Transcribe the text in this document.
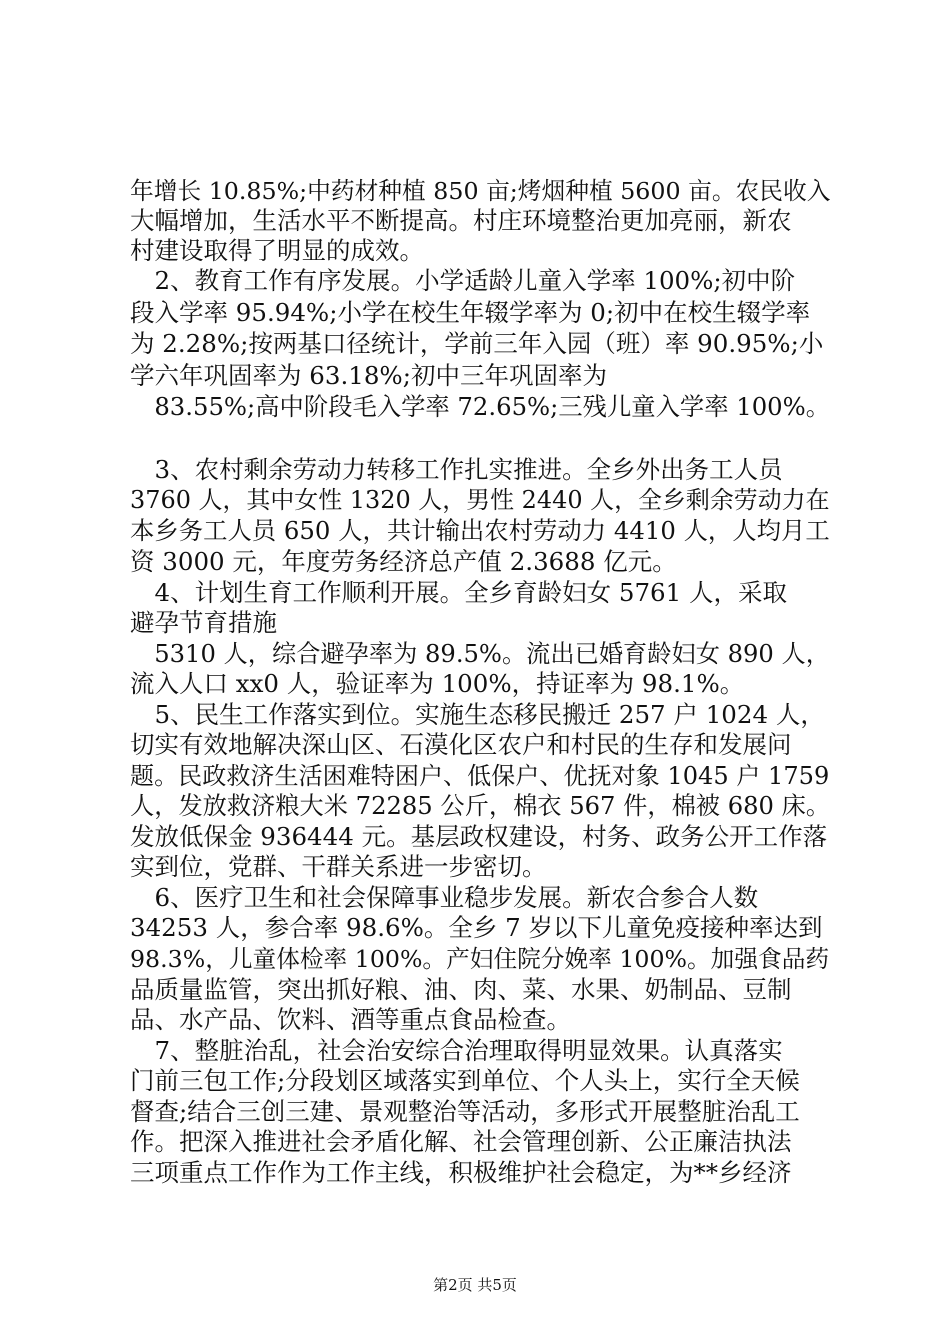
年增长 10.85%;中药材种植 850 亩;烤烟种植 5600 亩。农民收入
大幅增加，生活水平不断提高。村庄环境整治更加亮丽，新农
村建设取得了明显的成效。
　2、教育工作有序发展。小学适龄儿童入学率 100%;初中阶
段入学率 95.94%;小学在校生年辍学率为 0;初中在校生辍学率
为 2.28%;按两基口径统计，学前三年入园（班）率 90.95%;小
学六年巩固率为 63.18%;初中三年巩固率为
　83.55%;高中阶段毛入学率 72.65%;三残儿童入学率 100%。
　3、农村剩余劳动力转移工作扎实推进。全乡外出务工人员
3760 人，其中女性 1320 人，男性 2440 人，全乡剩余劳动力在
本乡务工人员 650 人，共计输出农村劳动力 4410 人，人均月工
资 3000 元，年度劳务经济总产值 2.3688 亿元。
　4、计划生育工作顺利开展。全乡育龄妇女 5761 人，采取
避孕节育措施
　5310 人，综合避孕率为 89.5%。流出已婚育龄妇女 890 人，
流入人口 xx0 人，验证率为 100%，持证率为 98.1%。
　5、民生工作落实到位。实施生态移民搬迁 257 户 1024 人，
切实有效地解决深山区、石漠化区农户和村民的生存和发展问
题。民政救济生活困难特困户、低保户、优抚对象 1045 户 1759
人，发放救济粮大米 72285 公斤，棉衣 567 件，棉被 680 床。
发放低保金 936444 元。基层政权建设，村务、政务公开工作落
实到位，党群、干群关系进一步密切。
　6、医疗卫生和社会保障事业稳步发展。新农合参合人数
34253 人，参合率 98.6%。全乡 7 岁以下儿童免疫接种率达到
98.3%，儿童体检率 100%。产妇住院分娩率 100%。加强食品药
品质量监管，突出抓好粮、油、肉、菜、水果、奶制品、豆制
品、水产品、饮料、酒等重点食品检查。
　7、整脏治乱，社会治安综合治理取得明显效果。认真落实
门前三包工作;分段划区域落实到单位、个人头上，实行全天候
督查;结合三创三建、景观整治等活动，多形式开展整脏治乱工
作。把深入推进社会矛盾化解、社会管理创新、公正廉洁执法
三项重点工作作为工作主线，积极维护社会稳定，为**乡经济
第2页 共5页
